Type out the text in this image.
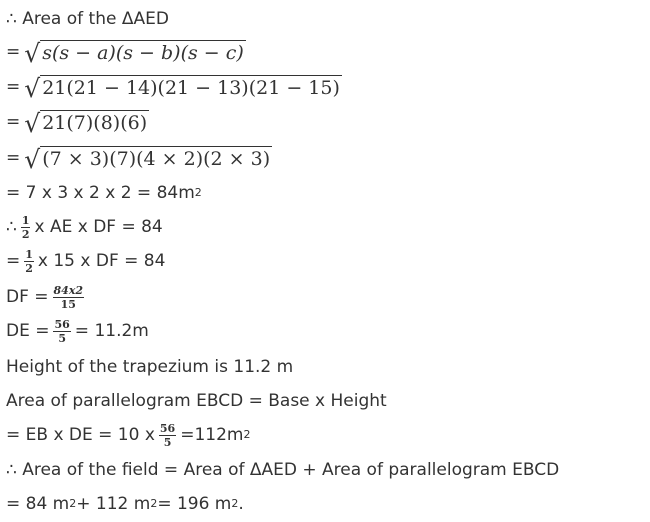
∴ Area of the ΔAED
= √ s(s − a)(s − b)(s − c)
= √ 21(21 − 14)(21 − 13)(21 − 15)
= √ 21(7)(8)(6)
= √ (7 × 3)(7)(4 × 2)(2 × 3)
= 7 x 3 x 2 x 2 = 84m 2
∴ $\frac{1}{2}$ x AE x DF = 84
= $\frac{1}{2}$ x 15 x DF = 84
DF = $\frac{84x2}{15}$
DE = $\frac{56}{5} = 11.2m$
Height of the trapezium is 11.2 m
Area of parallelogram EBCD = Base x Height
= EB x DE = 10 x $\frac{56}{5} =112m$ 2
∴ Area of the field = Area of ΔAED + Area of parallelogram EBCD
= 84 m 2 + 112 m 2 = 196 m 2 .
